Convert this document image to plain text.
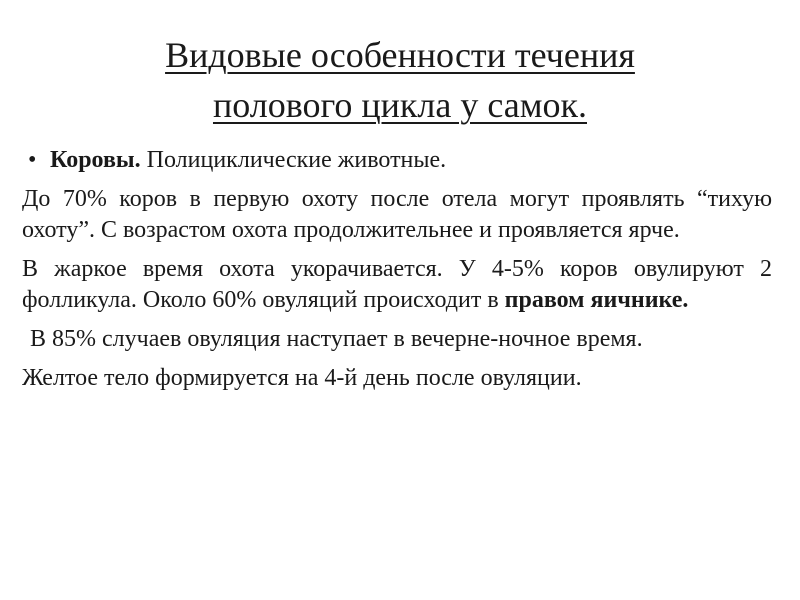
Видовые особенности течения
полового цикла у самок.
• Коровы. Полициклические животные.

До 70% коров в первую охоту после отела могут проявлять “тихую охоту”. С возрастом охота продолжительнее и проявляется ярче.

В жаркое время охота укорачивается. У 4-5% коров овулируют 2 фолликула. Около 60% овуляций происходит в правом яичнике.

В 85% случаев овуляция наступает в вечерне-ночное время.

Желтое тело формируется на 4-й день после овуляции.
